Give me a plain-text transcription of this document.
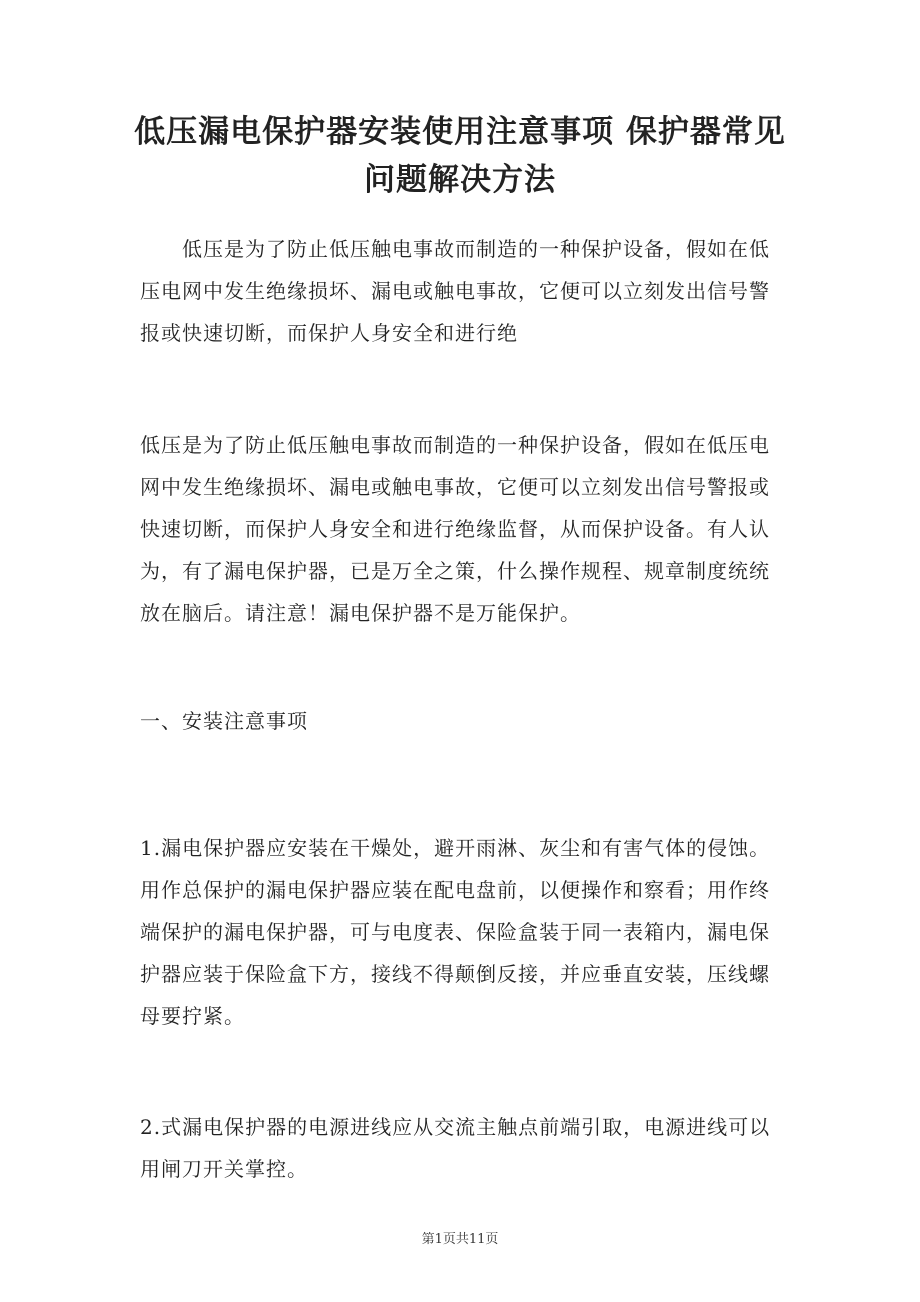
低压漏电保护器安装使用注意事项 保护器常见问题解决方法

低压是为了防止低压触电事故而制造的一种保护设备，假如在低压电网中发生绝缘损坏、漏电或触电事故，它便可以立刻发出信号警报或快速切断，而保护人身安全和进行绝

低压是为了防止低压触电事故而制造的一种保护设备，假如在低压电网中发生绝缘损坏、漏电或触电事故，它便可以立刻发出信号警报或快速切断，而保护人身安全和进行绝缘监督，从而保护设备。有人认为，有了漏电保护器，已是万全之策，什么操作规程、规章制度统统放在脑后。请注意！漏电保护器不是万能保护。

一、安装注意事项

1.漏电保护器应安装在干燥处，避开雨淋、灰尘和有害气体的侵蚀。用作总保护的漏电保护器应装在配电盘前，以便操作和察看；用作终端保护的漏电保护器，可与电度表、保险盒装于同一表箱内，漏电保护器应装于保险盒下方，接线不得颠倒反接，并应垂直安装，压线螺母要拧紧。

2.式漏电保护器的电源进线应从交流主触点前端引取，电源进线可以用闸刀开关掌控。

第1页共11页
